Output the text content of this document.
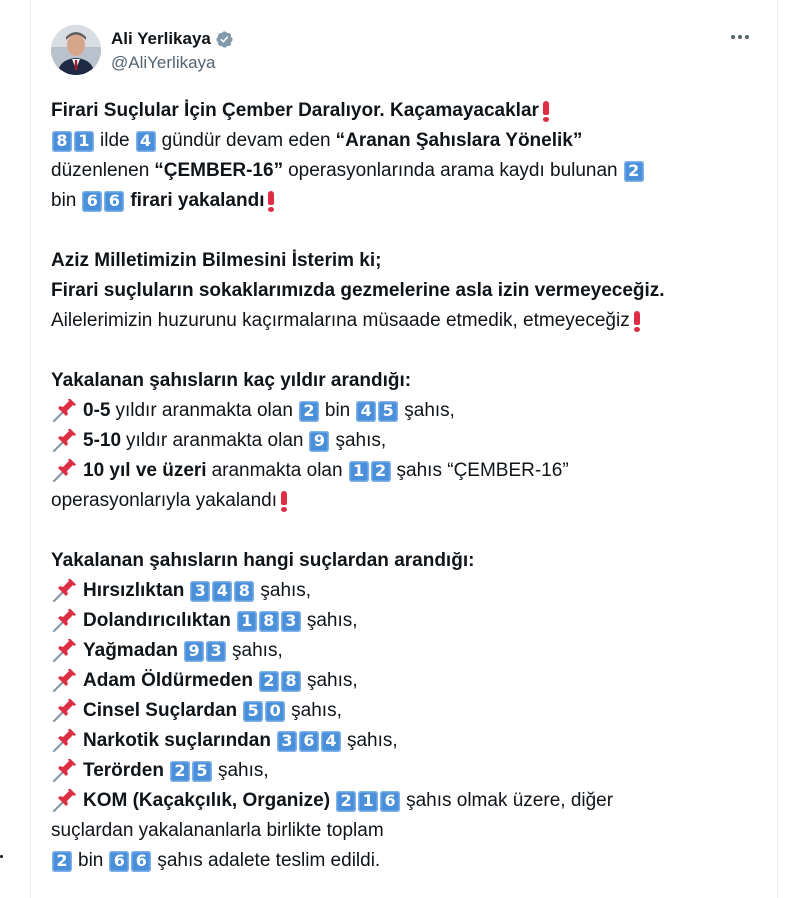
Ali Yerlikaya
@AliYerlikaya
Firari Suçlular İçin Çember Daralıyor. Kaçamayacaklar
8 1 ilde 4 gündür devam eden “Aranan Şahıslara Yönelik”
düzenlenen “ÇEMBER-16” operasyonlarında arama kaydı bulunan 2
bin 6 6 firari yakalandı
Aziz Milletimizin Bilmesini İsterim ki;
Firari suçluların sokaklarımızda gezmelerine asla izin vermeyeceğiz.
Ailelerimizin huzurunu kaçırmalarına müsaade etmedik, etmeyeceğiz
Yakalanan şahısların kaç yıldır arandığı:
0-5 yıldır aranmakta olan 2 bin 4 5 şahıs,
5-10 yıldır aranmakta olan 9 şahıs,
10 yıl ve üzeri aranmakta olan 1 2 şahıs “ÇEMBER-16”
operasyonlarıyla yakalandı
Yakalanan şahısların hangi suçlardan arandığı:
Hırsızlıktan 3 4 8 şahıs,
Dolandırıcılıktan 1 8 3 şahıs,
Yağmadan 9 3 şahıs,
Adam Öldürmeden 2 8 şahıs,
Cinsel Suçlardan 5 0 şahıs,
Narkotik suçlarından 3 6 4 şahıs,
Terörden 2 5 şahıs,
KOM (Kaçakçılık, Organize) 2 1 6 şahıs olmak üzere, diğer
suçlardan yakalananlarla birlikte toplam
2 bin 6 6 şahıs adalete teslim edildi.
